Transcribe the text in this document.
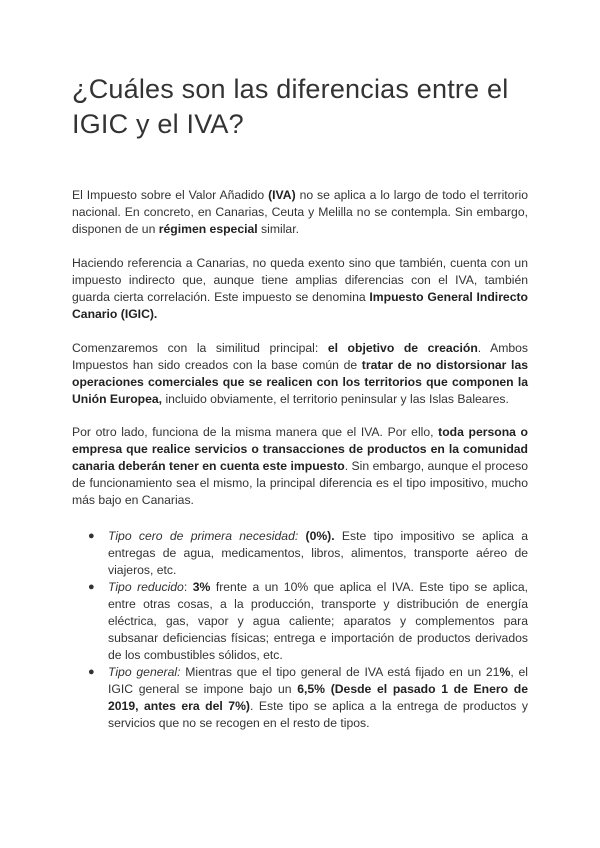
¿Cuáles son las diferencias entre el IGIC y el IVA?

El Impuesto sobre el Valor Añadido (IVA) no se aplica a lo largo de todo el territorio nacional. En concreto, en Canarias, Ceuta y Melilla no se contempla. Sin embargo, disponen de un régimen especial similar.

Haciendo referencia a Canarias, no queda exento sino que también, cuenta con un impuesto indirecto que, aunque tiene amplias diferencias con el IVA, también guarda cierta correlación. Este impuesto se denomina Impuesto General Indirecto Canario (IGIC).

Comenzaremos con la similitud principal: el objetivo de creación. Ambos Impuestos han sido creados con la base común de tratar de no distorsionar las operaciones comerciales que se realicen con los territorios que componen la Unión Europea, incluido obviamente, el territorio peninsular y las Islas Baleares.

Por otro lado, funciona de la misma manera que el IVA. Por ello, toda persona o empresa que realice servicios o transacciones de productos en la comunidad canaria deberán tener en cuenta este impuesto. Sin embargo, aunque el proceso de funcionamiento sea el mismo, la principal diferencia es el tipo impositivo, mucho más bajo en Canarias.

● Tipo cero de primera necesidad: (0%). Este tipo impositivo se aplica a entregas de agua, medicamentos, libros, alimentos, transporte aéreo de viajeros, etc.
● Tipo reducido: 3% frente a un 10% que aplica el IVA. Este tipo se aplica, entre otras cosas, a la producción, transporte y distribución de energía eléctrica, gas, vapor y agua caliente; aparatos y complementos para subsanar deficiencias físicas; entrega e importación de productos derivados de los combustibles sólidos, etc.
● Tipo general: Mientras que el tipo general de IVA está fijado en un 21%, el IGIC general se impone bajo un 6,5% (Desde el pasado 1 de Enero de 2019, antes era del 7%). Este tipo se aplica a la entrega de productos y servicios que no se recogen en el resto de tipos.
